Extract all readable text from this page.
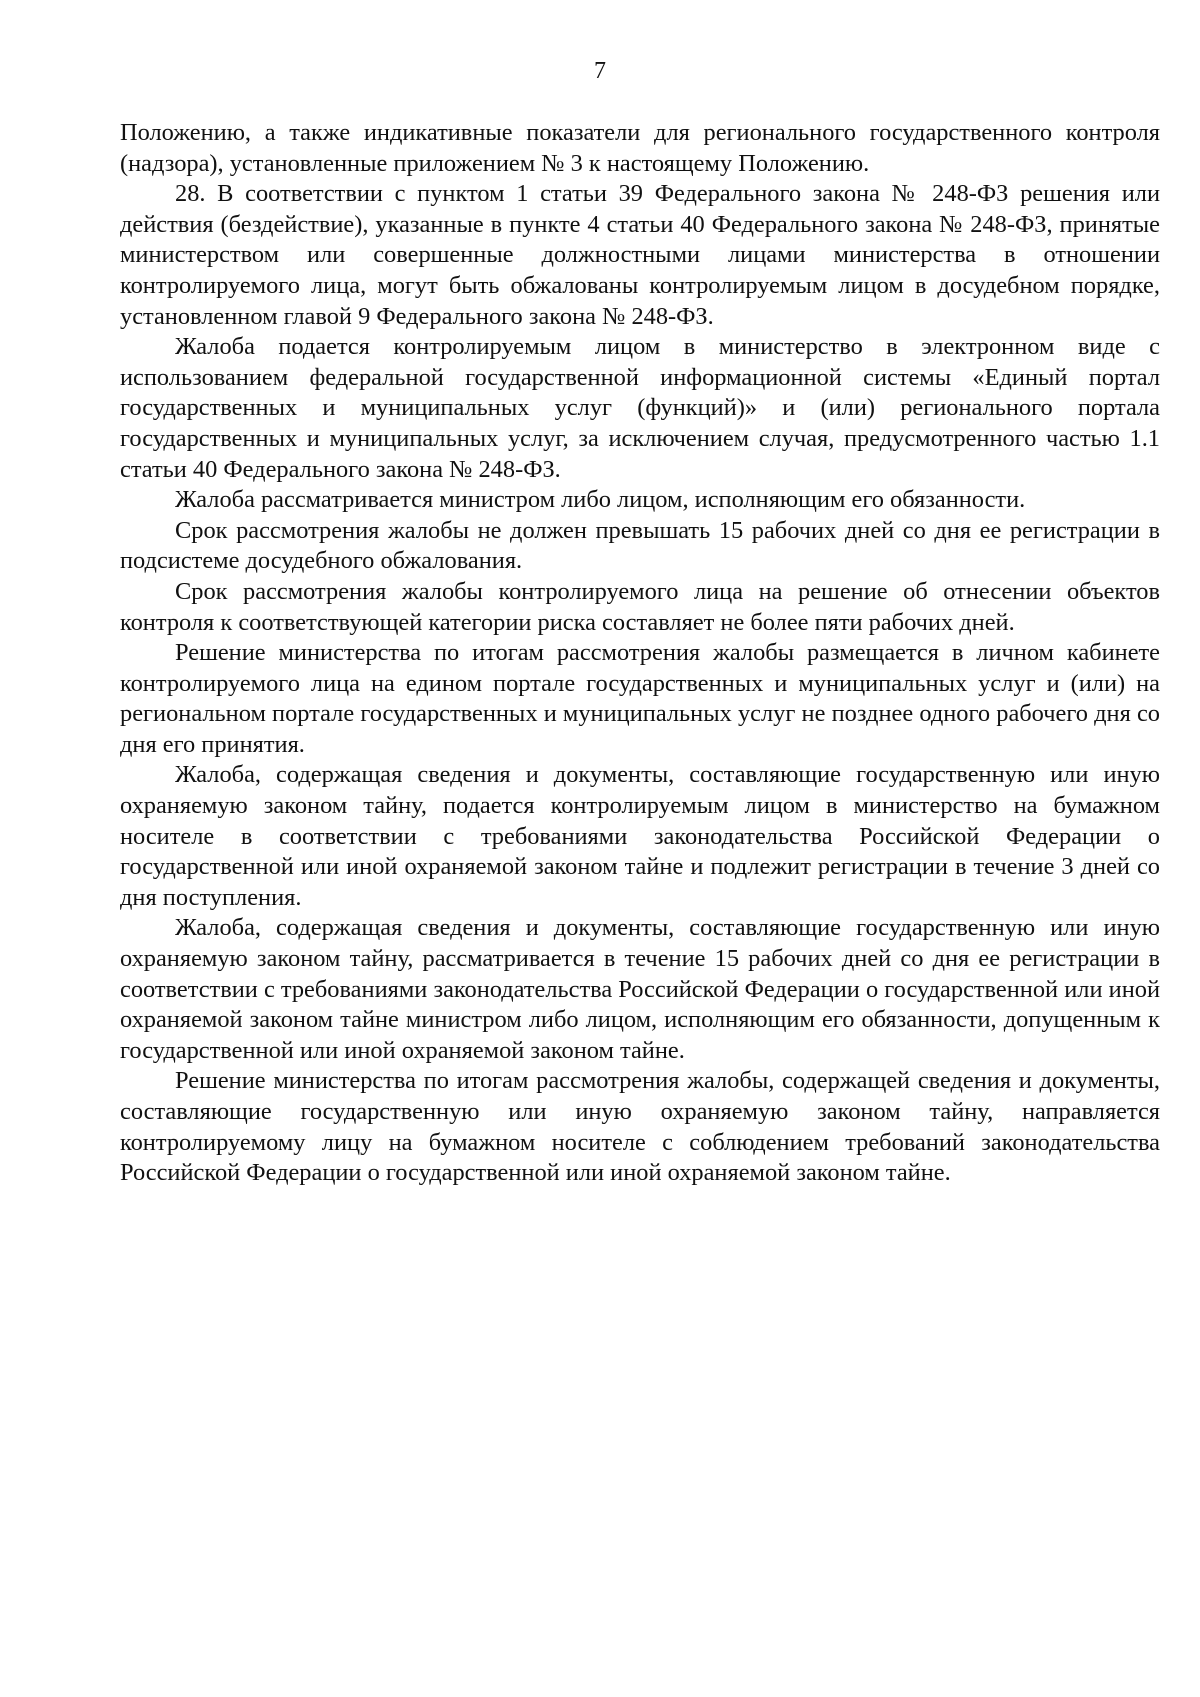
7

Положению, а также индикативные показатели для регионального государственного контроля (надзора), установленные приложением № 3 к настоящему Положению.

28. В соответствии с пунктом 1 статьи 39 Федерального закона № 248-ФЗ решения или действия (бездействие), указанные в пункте 4 статьи 40 Федерального закона № 248-ФЗ, принятые министерством или совершенные должностными лицами министерства в отношении контролируемого лица, могут быть обжалованы контролируемым лицом в досудебном порядке, установленном главой 9 Федерального закона № 248-ФЗ.

Жалоба подается контролируемым лицом в министерство в электронном виде с использованием федеральной государственной информационной системы «Единый портал государственных и муниципальных услуг (функций)» и (или) регионального портала государственных и муниципальных услуг, за исключением случая, предусмотренного частью 1.1 статьи 40 Федерального закона № 248-ФЗ.

Жалоба рассматривается министром либо лицом, исполняющим его обязанности.

Срок рассмотрения жалобы не должен превышать 15 рабочих дней со дня ее регистрации в подсистеме досудебного обжалования.

Срок рассмотрения жалобы контролируемого лица на решение об отнесении объектов контроля к соответствующей категории риска составляет не более пяти рабочих дней.

Решение министерства по итогам рассмотрения жалобы размещается в личном кабинете контролируемого лица на едином портале государственных и муниципальных услуг и (или) на региональном портале государственных и муниципальных услуг не позднее одного рабочего дня со дня его принятия.

Жалоба, содержащая сведения и документы, составляющие государственную или иную охраняемую законом тайну, подается контролируемым лицом в министерство на бумажном носителе в соответствии с требованиями законодательства Российской Федерации о государственной или иной охраняемой законом тайне и подлежит регистрации в течение 3 дней со дня поступления.

Жалоба, содержащая сведения и документы, составляющие государственную или иную охраняемую законом тайну, рассматривается в течение 15 рабочих дней со дня ее регистрации в соответствии с требованиями законодательства Российской Федерации о государственной или иной охраняемой законом тайне министром либо лицом, исполняющим его обязанности, допущенным к государственной или иной охраняемой законом тайне.

Решение министерства по итогам рассмотрения жалобы, содержащей сведения и документы, составляющие государственную или иную охраняемую законом тайну, направляется контролируемому лицу на бумажном носителе с соблюдением требований законодательства Российской Федерации о государственной или иной охраняемой законом тайне.
